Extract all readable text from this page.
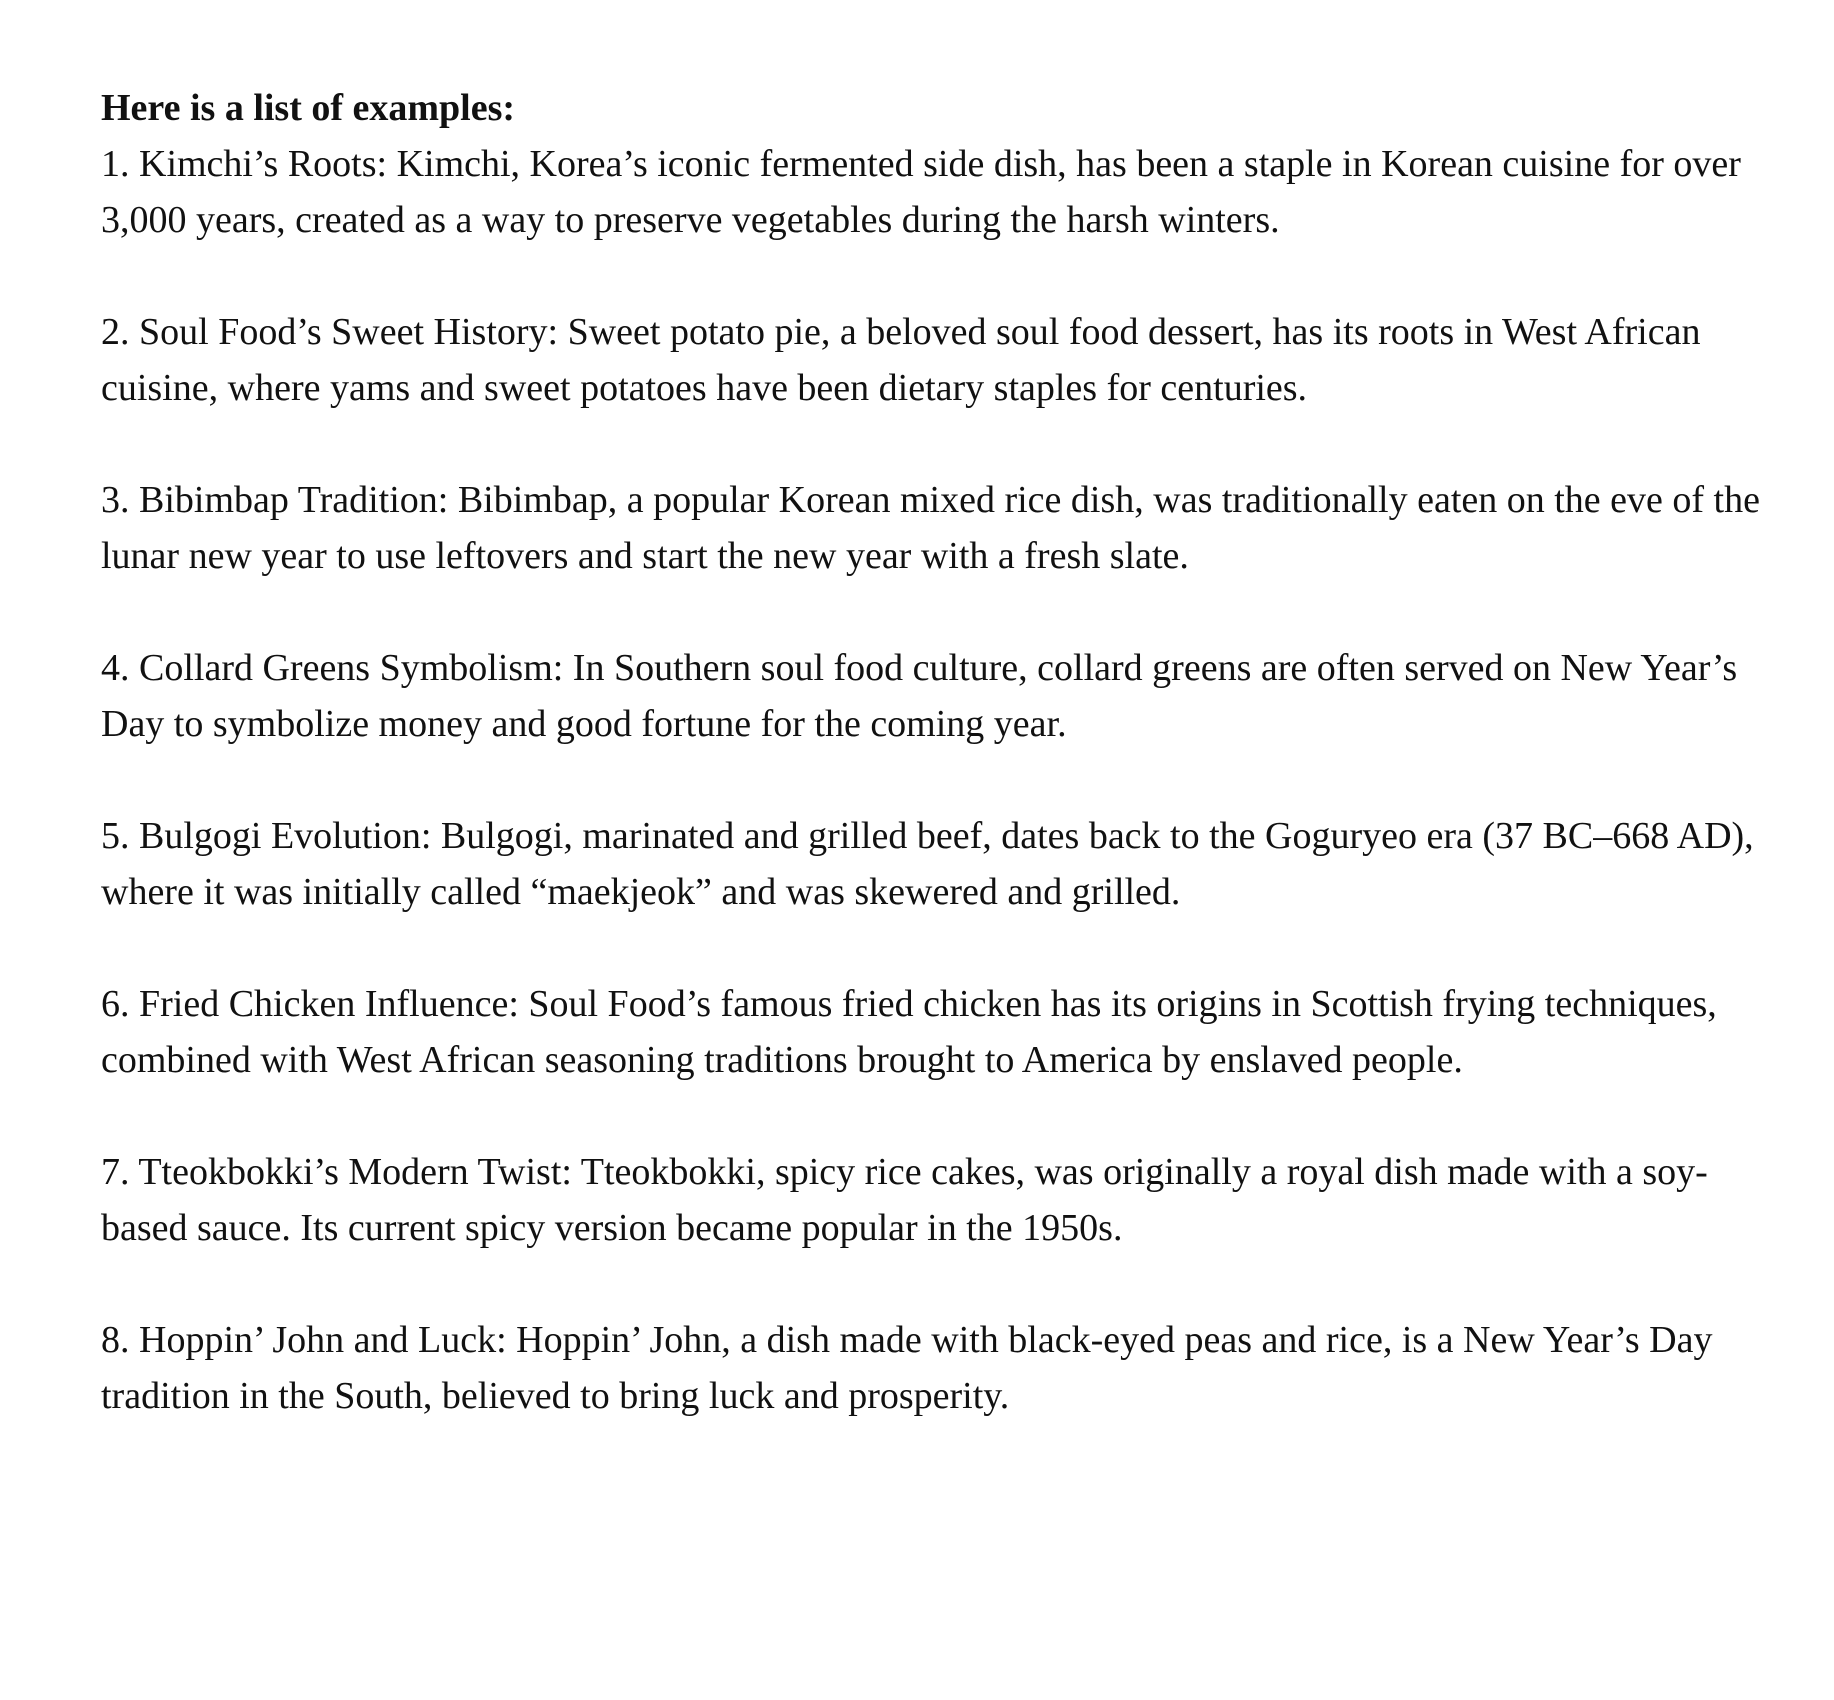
Here is a list of examples:

1. Kimchi’s Roots: Kimchi, Korea’s iconic fermented side dish, has been a staple in Korean cuisine for over 3,000 years, created as a way to preserve vegetables during the harsh winters.

2. Soul Food’s Sweet History: Sweet potato pie, a beloved soul food dessert, has its roots in West African cuisine, where yams and sweet potatoes have been dietary staples for centuries.

3. Bibimbap Tradition: Bibimbap, a popular Korean mixed rice dish, was traditionally eaten on the eve of the lunar new year to use leftovers and start the new year with a fresh slate.

4. Collard Greens Symbolism: In Southern soul food culture, collard greens are often served on New Year’s Day to symbolize money and good fortune for the coming year.

5. Bulgogi Evolution: Bulgogi, marinated and grilled beef, dates back to the Goguryeo era (37 BC–668 AD), where it was initially called “maekjeok” and was skewered and grilled.

6. Fried Chicken Influence: Soul Food’s famous fried chicken has its origins in Scottish frying techniques, combined with West African seasoning traditions brought to America by enslaved people.

7. Tteokbokki’s Modern Twist: Tteokbokki, spicy rice cakes, was originally a royal dish made with a soy-based sauce. Its current spicy version became popular in the 1950s.

8. Hoppin’ John and Luck: Hoppin’ John, a dish made with black-eyed peas and rice, is a New Year’s Day tradition in the South, believed to bring luck and prosperity.
